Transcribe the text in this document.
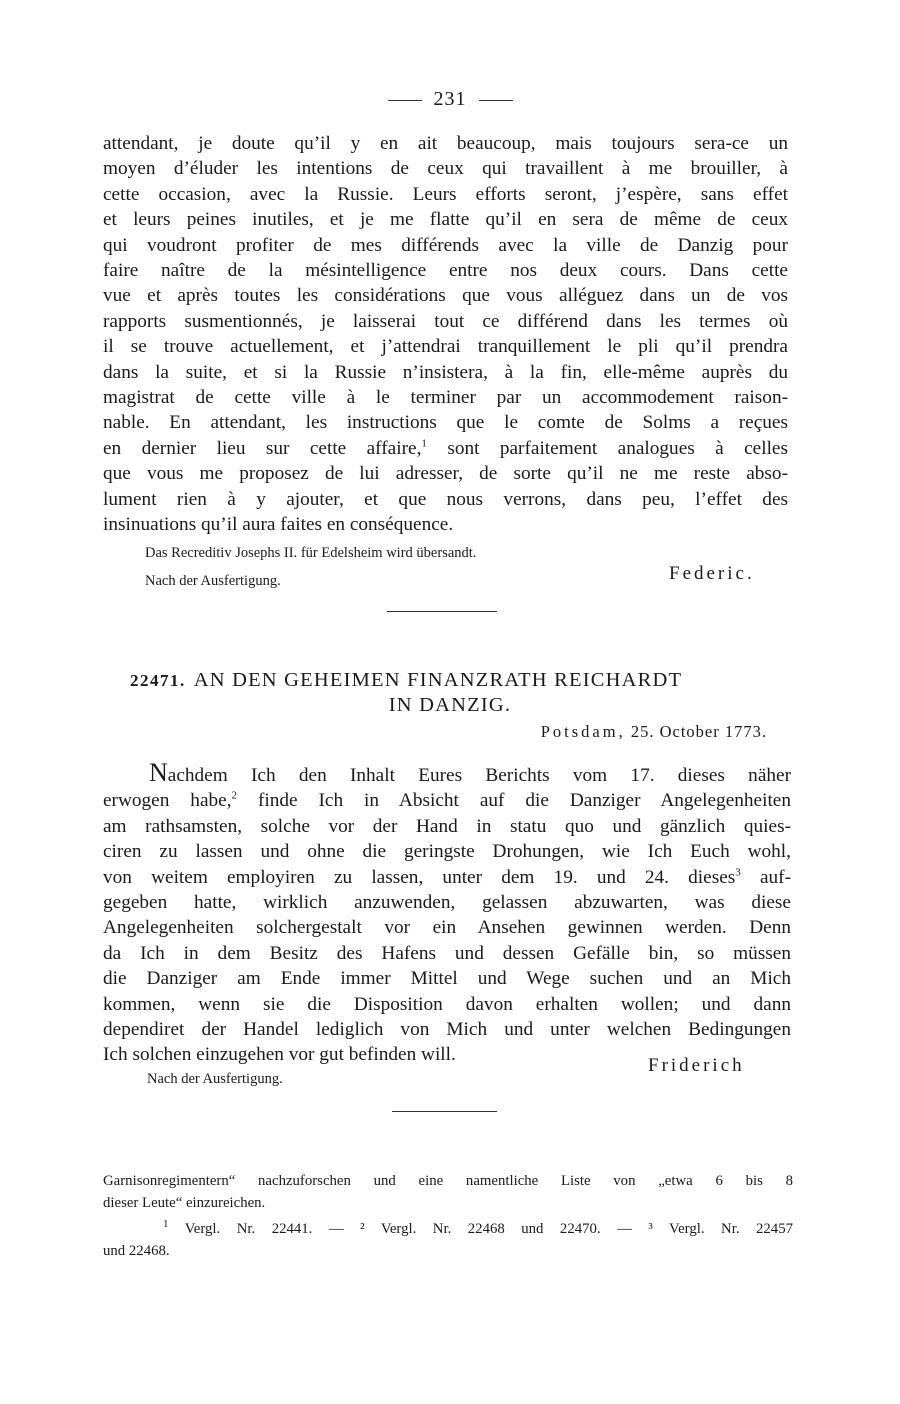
231
attendant, je doute qu’il y en ait beaucoup, mais toujours sera-ce un
moyen d’éluder les intentions de ceux qui travaillent à me brouiller, à
cette occasion, avec la Russie. Leurs efforts seront, j’espère, sans effet
et leurs peines inutiles, et je me flatte qu’il en sera de même de ceux
qui voudront profiter de mes différends avec la ville de Danzig pour
faire naître de la mésintelligence entre nos deux cours. Dans cette
vue et après toutes les considérations que vous alléguez dans un de vos
rapports susmentionnés, je laisserai tout ce différend dans les termes où
il se trouve actuellement, et j’attendrai tranquillement le pli qu’il prendra
dans la suite, et si la Russie n’insistera, à la fin, elle-même auprès du
magistrat de cette ville à le terminer par un accommodement raison-
nable. En attendant, les instructions que le comte de Solms a reçues
en dernier lieu sur cette affaire,$^1$ sont parfaitement analogues à celles
que vous me proposez de lui adresser, de sorte qu’il ne me reste abso-
lument rien à y ajouter, et que nous verrons, dans peu, l’effet des
insinuations qu’il aura faites en conséquence.
Das Recreditiv Josephs II. für Edelsheim wird übersandt.
Nach der Ausfertigung.	Federic.
22471. AN DEN GEHEIMEN FINANZRATH REICHARDT
IN DANZIG.
Potsdam, 25. October 1773.
Nachdem Ich den Inhalt Eures Berichts vom 17. dieses näher
erwogen habe,$^2$ finde Ich in Absicht auf die Danziger Angelegenheiten
am rathsamsten, solche vor der Hand in statu quo und gänzlich quies-
ciren zu lassen und ohne die geringste Drohungen, wie Ich Euch wohl,
von weitem employiren zu lassen, unter dem 19. und 24. dieses$^3$ auf-
gegeben hatte, wirklich anzuwenden, gelassen abzuwarten, was diese
Angelegenheiten solchergestalt vor ein Ansehen gewinnen werden. Denn
da Ich in dem Besitz des Hafens und dessen Gefälle bin, so müssen
die Danziger am Ende immer Mittel und Wege suchen und an Mich
kommen, wenn sie die Disposition davon erhalten wollen; und dann
dependiret der Handel lediglich von Mich und unter welchen Bedingungen
Ich solchen einzugehen vor gut befinden will.
Nach der Ausfertigung.
Friderich
Garnisonregimentern“ nachzuforschen und eine namentliche Liste von „etwa 6 bis 8
dieser Leute“ einzureichen.
$^1$ Vergl. Nr. 22441. — ² Vergl. Nr. 22468 und 22470. — ³ Vergl. Nr. 22457
und 22468.
